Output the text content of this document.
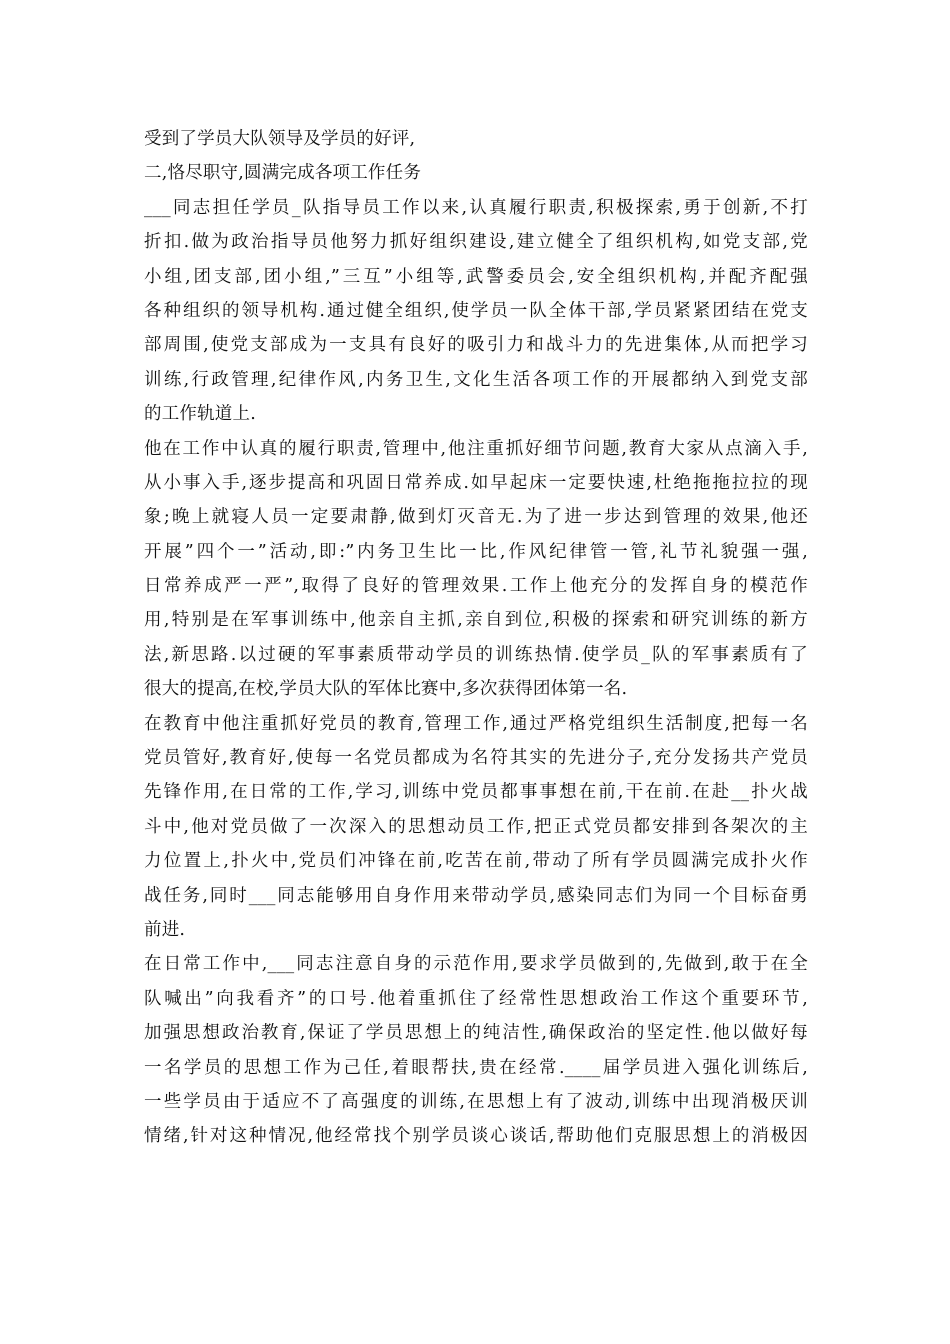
受到了学员大队领导及学员的好评,
二,恪尽职守,圆满完成各项工作任务
___同志担任学员_队指导员工作以来,认真履行职责,积极探索,勇于创新,不打
折扣.做为政治指导员他努力抓好组织建设,建立健全了组织机构,如党支部,党
小组,团支部,团小组,”三互”小组等,武警委员会,安全组织机构,并配齐配强
各种组织的领导机构.通过健全组织,使学员一队全体干部,学员紧紧团结在党支
部周围,使党支部成为一支具有良好的吸引力和战斗力的先进集体,从而把学习
训练,行政管理,纪律作风,内务卫生,文化生活各项工作的开展都纳入到党支部
的工作轨道上.
他在工作中认真的履行职责,管理中,他注重抓好细节问题,教育大家从点滴入手,
从小事入手,逐步提高和巩固日常养成.如早起床一定要快速,杜绝拖拖拉拉的现
象;晚上就寝人员一定要肃静,做到灯灭音无.为了进一步达到管理的效果,他还
开展”四个一”活动,即:”内务卫生比一比,作风纪律管一管,礼节礼貌强一强,
日常养成严一严”,取得了良好的管理效果.工作上他充分的发挥自身的模范作
用,特别是在军事训练中,他亲自主抓,亲自到位,积极的探索和研究训练的新方
法,新思路.以过硬的军事素质带动学员的训练热情.使学员_队的军事素质有了
很大的提高,在校,学员大队的军体比赛中,多次获得团体第一名.
在教育中他注重抓好党员的教育,管理工作,通过严格党组织生活制度,把每一名
党员管好,教育好,使每一名党员都成为名符其实的先进分子,充分发扬共产党员
先锋作用,在日常的工作,学习,训练中党员都事事想在前,干在前.在赴__扑火战
斗中,他对党员做了一次深入的思想动员工作,把正式党员都安排到各架次的主
力位置上,扑火中,党员们冲锋在前,吃苦在前,带动了所有学员圆满完成扑火作
战任务,同时___同志能够用自身作用来带动学员,感染同志们为同一个目标奋勇
前进.
在日常工作中,___同志注意自身的示范作用,要求学员做到的,先做到,敢于在全
队喊出”向我看齐”的口号.他着重抓住了经常性思想政治工作这个重要环节,
加强思想政治教育,保证了学员思想上的纯洁性,确保政治的坚定性.他以做好每
一名学员的思想工作为己任,着眼帮扶,贵在经常.____届学员进入强化训练后,
一些学员由于适应不了高强度的训练,在思想上有了波动,训练中出现消极厌训
情绪,针对这种情况,他经常找个别学员谈心谈话,帮助他们克服思想上的消极因
